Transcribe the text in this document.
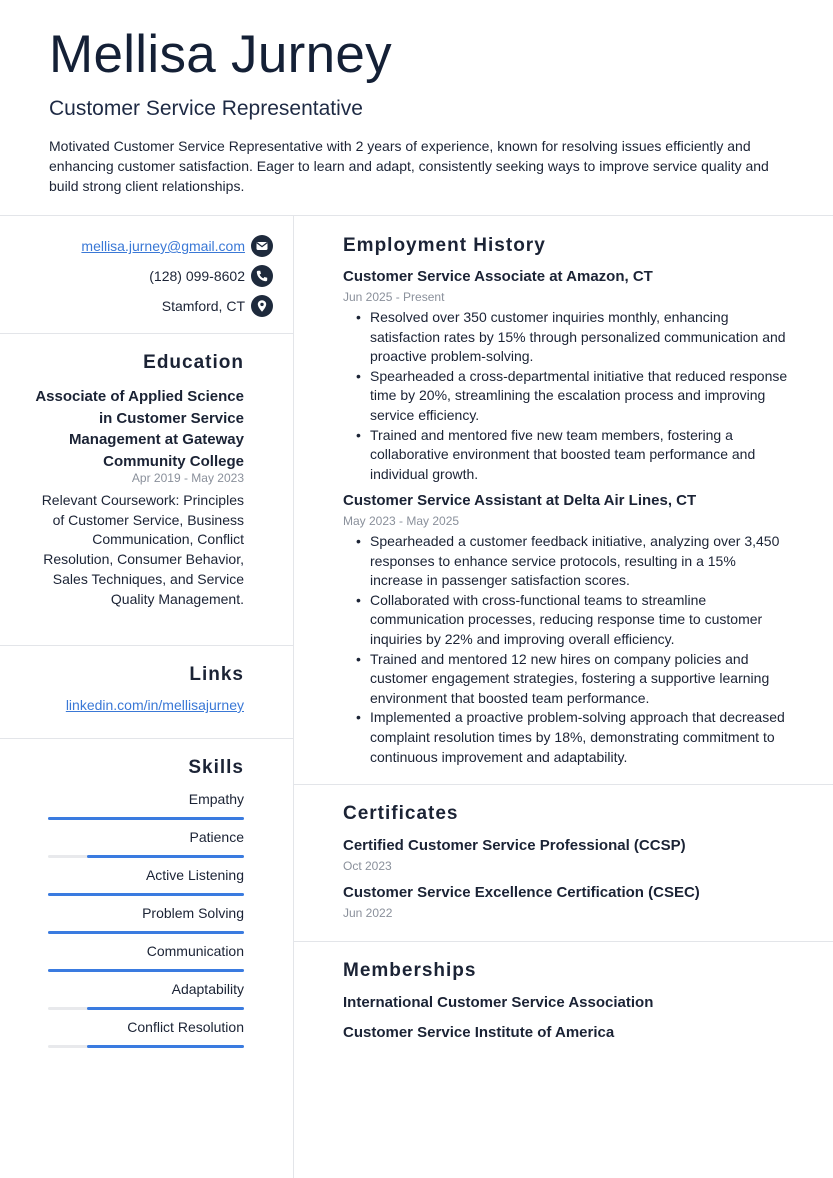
Mellisa Jurney
Customer Service Representative
Motivated Customer Service Representative with 2 years of experience, known for resolving issues efficiently and enhancing customer satisfaction. Eager to learn and adapt, consistently seeking ways to improve service quality and build strong client relationships.
mellisa.jurney@gmail.com
(128) 099-8602
Stamford, CT
Education
Associate of Applied Science in Customer Service Management at Gateway Community College
Apr 2019 - May 2023
Relevant Coursework: Principles of Customer Service, Business Communication, Conflict Resolution, Consumer Behavior, Sales Techniques, and Service Quality Management.
Links
linkedin.com/in/mellisajurney
Skills
Empathy
Patience
Active Listening
Problem Solving
Communication
Adaptability
Conflict Resolution
Employment History
Customer Service Associate at Amazon, CT
Jun 2025 - Present
• Resolved over 350 customer inquiries monthly, enhancing satisfaction rates by 15% through personalized communication and proactive problem-solving.
• Spearheaded a cross-departmental initiative that reduced response time by 20%, streamlining the escalation process and improving service efficiency.
• Trained and mentored five new team members, fostering a collaborative environment that boosted team performance and individual growth.
Customer Service Assistant at Delta Air Lines, CT
May 2023 - May 2025
• Spearheaded a customer feedback initiative, analyzing over 3,450 responses to enhance service protocols, resulting in a 15% increase in passenger satisfaction scores.
• Collaborated with cross-functional teams to streamline communication processes, reducing response time to customer inquiries by 22% and improving overall efficiency.
• Trained and mentored 12 new hires on company policies and customer engagement strategies, fostering a supportive learning environment that boosted team performance.
• Implemented a proactive problem-solving approach that decreased complaint resolution times by 18%, demonstrating commitment to continuous improvement and adaptability.
Certificates
Certified Customer Service Professional (CCSP)
Oct 2023
Customer Service Excellence Certification (CSEC)
Jun 2022
Memberships
International Customer Service Association
Customer Service Institute of America
